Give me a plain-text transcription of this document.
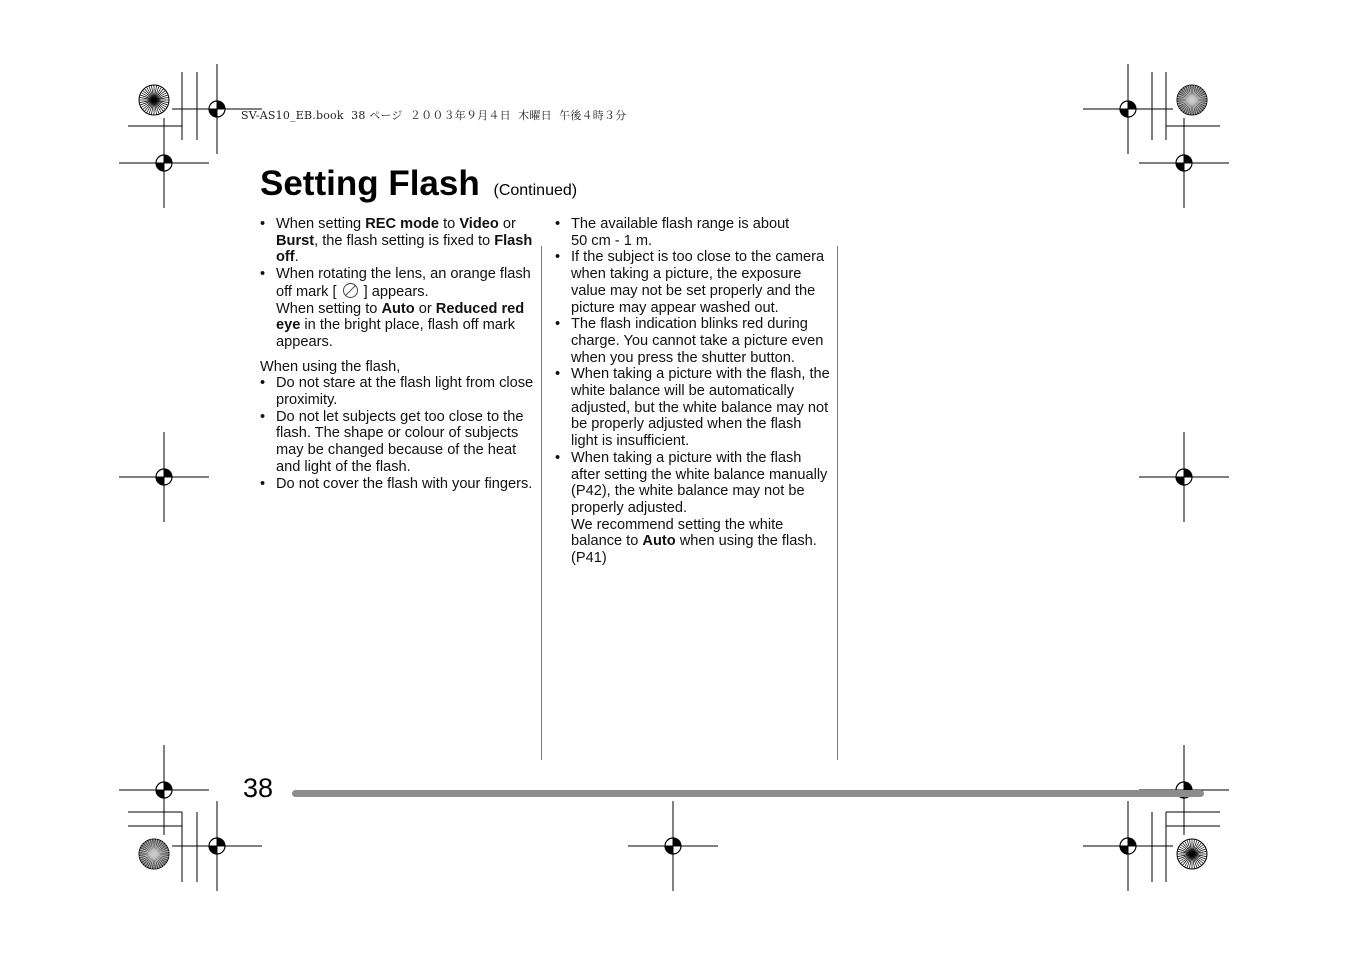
SV-AS10_EB.book  38 ページ  ２００３年９月４日  木曜日  午後４時３分
Setting Flash (Continued)
• When setting REC mode to Video or Burst, the flash setting is fixed to Flash off.
• When rotating the lens, an orange flash off mark [  ] appears.
When setting to Auto or Reduced red eye in the bright place, flash off mark appears.
When using the flash,
• Do not stare at the flash light from close proximity.
• Do not let subjects get too close to the flash. The shape or colour of subjects may be changed because of the heat and light of the flash.
• Do not cover the flash with your fingers.
• The available flash range is about
50 cm - 1 m.
• If the subject is too close to the camera when taking a picture, the exposure value may not be set properly and the picture may appear washed out.
• The flash indication blinks red during charge. You cannot take a picture even when you press the shutter button.
• When taking a picture with the flash, the white balance will be automatically adjusted, but the white balance may not be properly adjusted when the flash light is insufficient.
• When taking a picture with the flash after setting the white balance manually (P42), the white balance may not be properly adjusted.
We recommend setting the white balance to Auto when using the flash. (P41)
38
